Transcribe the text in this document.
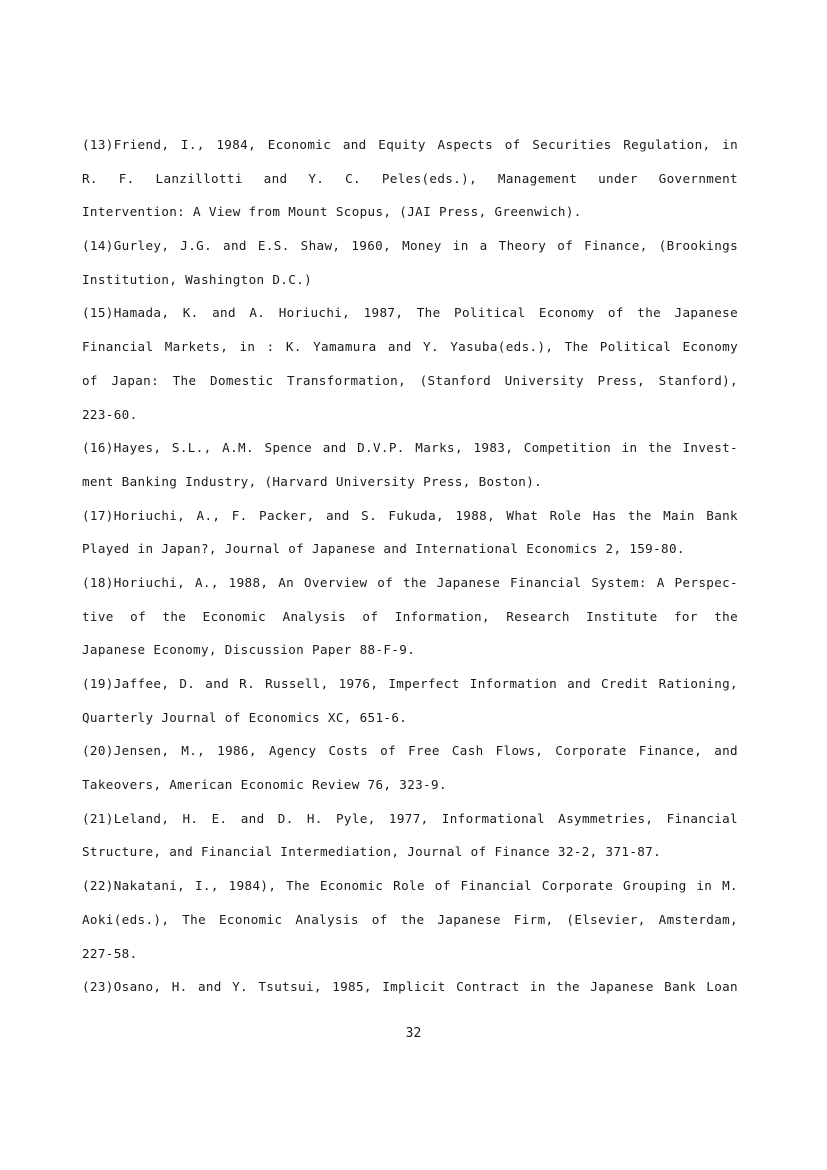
(13)Friend, I., 1984, Economic and Equity Aspects of Securities Regulation, in
R. F. Lanzillotti and Y. C. Peles(eds.), Management under Government
Intervention: A View from Mount Scopus, (JAI Press, Greenwich).
(14)Gurley, J.G. and E.S. Shaw, 1960, Money in a Theory of Finance, (Brookings
Institution, Washington D.C.)
(15)Hamada, K. and A. Horiuchi, 1987, The Political Economy of the Japanese
Financial Markets, in : K. Yamamura and Y. Yasuba(eds.), The Political Economy
of Japan: The Domestic Transformation, (Stanford University Press, Stanford),
223-60.
(16)Hayes, S.L., A.M. Spence and D.V.P. Marks, 1983, Competition in the Invest-
ment Banking Industry, (Harvard University Press, Boston).
(17)Horiuchi, A., F. Packer, and S. Fukuda, 1988, What Role Has the Main Bank
Played in Japan?, Journal of Japanese and International Economics 2, 159-80.
(18)Horiuchi, A., 1988, An Overview of the Japanese Financial System: A Perspec-
tive of the Economic Analysis of Information, Research Institute for the
Japanese Economy, Discussion Paper 88-F-9.
(19)Jaffee, D. and R. Russell, 1976, Imperfect Information and Credit Rationing,
Quarterly Journal of Economics XC, 651-6.
(20)Jensen, M., 1986, Agency Costs of Free Cash Flows, Corporate Finance, and
Takeovers, American Economic Review 76, 323-9.
(21)Leland, H. E. and D. H. Pyle, 1977, Informational Asymmetries, Financial
Structure, and Financial Intermediation, Journal of Finance 32-2, 371-87.
(22)Nakatani, I., 1984), The Economic Role of Financial Corporate Grouping in M.
Aoki(eds.), The Economic Analysis of the Japanese Firm, (Elsevier, Amsterdam,
227-58.
(23)Osano, H. and Y. Tsutsui, 1985, Implicit Contract in the Japanese Bank Loan
32
